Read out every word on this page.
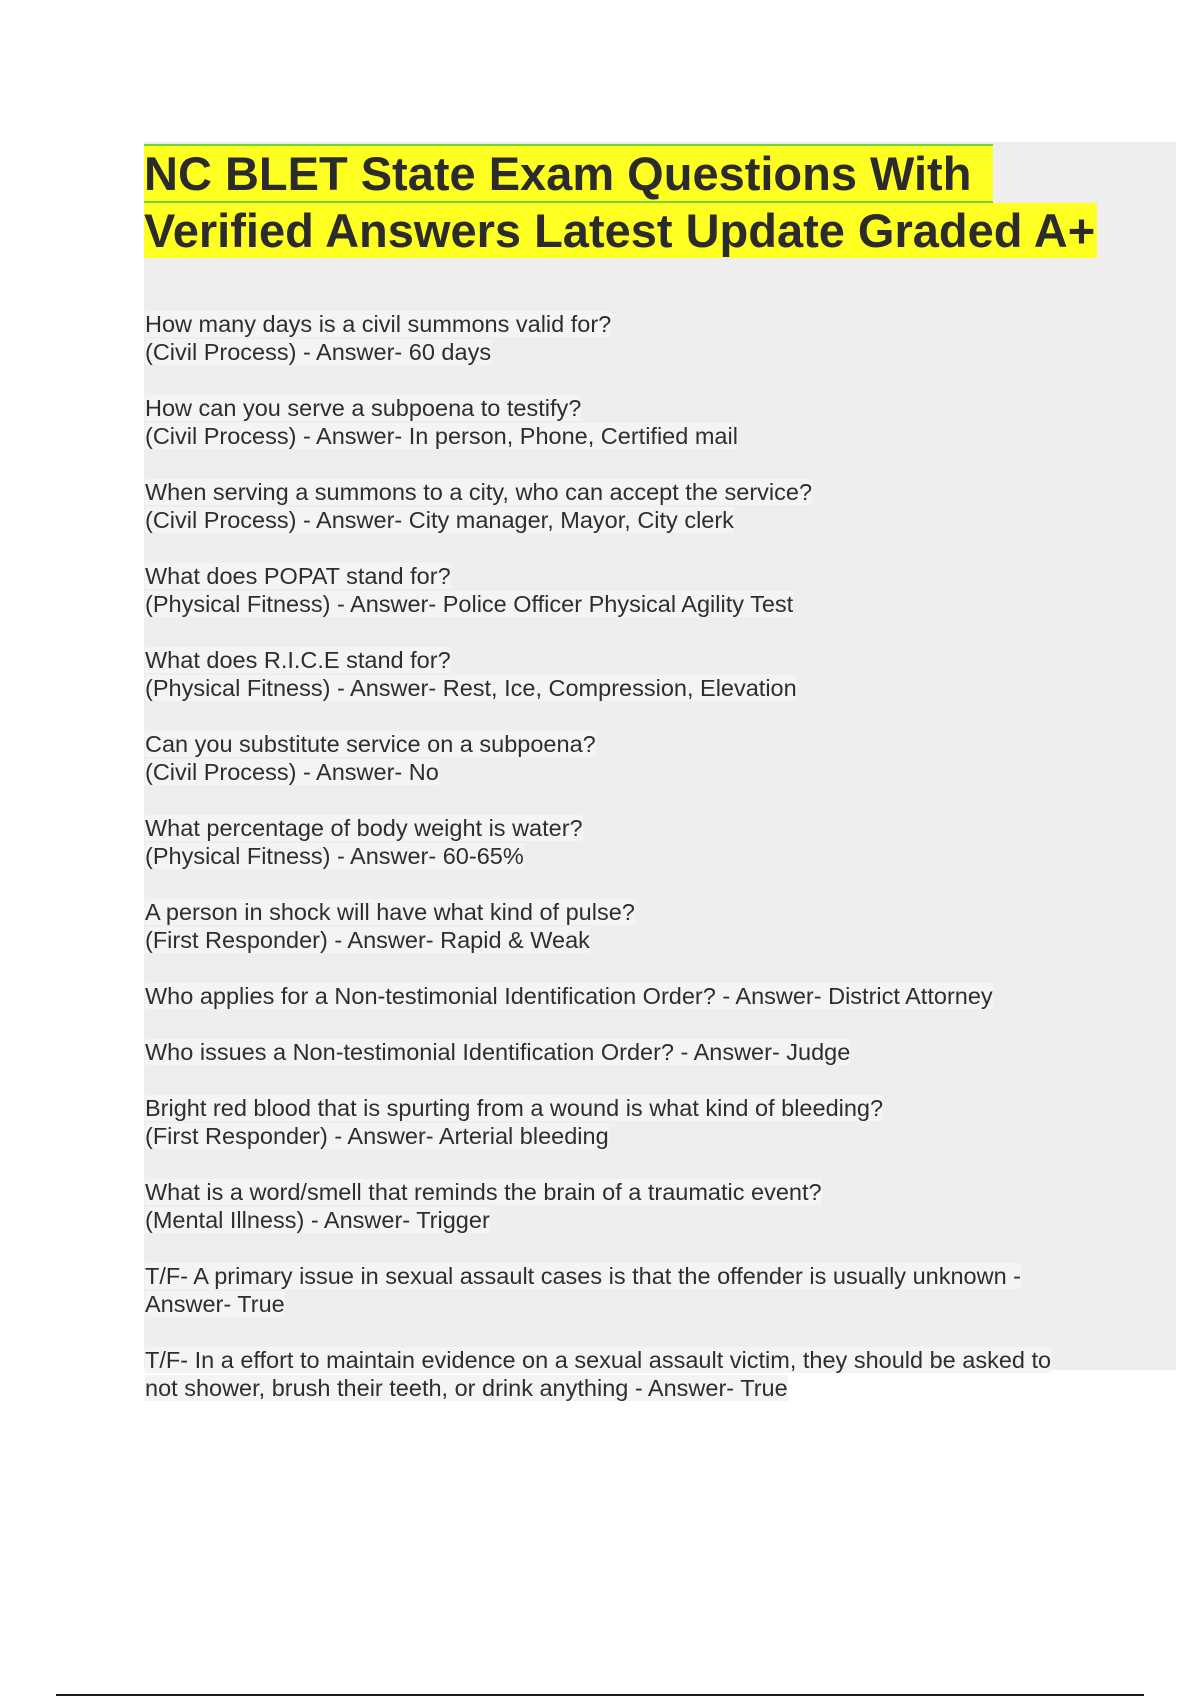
NC BLET State Exam Questions With
Verified Answers Latest Update Graded A+
How many days is a civil summons valid for?
(Civil Process) - Answer- 60 days
How can you serve a subpoena to testify?
(Civil Process) - Answer- In person, Phone, Certified mail
When serving a summons to a city, who can accept the service?
(Civil Process) - Answer- City manager, Mayor, City clerk
What does POPAT stand for?
(Physical Fitness) - Answer- Police Officer Physical Agility Test
What does R.I.C.E stand for?
(Physical Fitness) - Answer- Rest, Ice, Compression, Elevation
Can you substitute service on a subpoena?
(Civil Process) - Answer- No
What percentage of body weight is water?
(Physical Fitness) - Answer- 60-65%
A person in shock will have what kind of pulse?
(First Responder) - Answer- Rapid & Weak
Who applies for a Non-testimonial Identification Order? - Answer- District Attorney
Who issues a Non-testimonial Identification Order? - Answer- Judge
Bright red blood that is spurting from a wound is what kind of bleeding?
(First Responder) - Answer- Arterial bleeding
What is a word/smell that reminds the brain of a traumatic event?
(Mental Illness) - Answer- Trigger
T/F- A primary issue in sexual assault cases is that the offender is usually unknown -
Answer- True
T/F- In a effort to maintain evidence on a sexual assault victim, they should be asked to
not shower, brush their teeth, or drink anything - Answer- True
